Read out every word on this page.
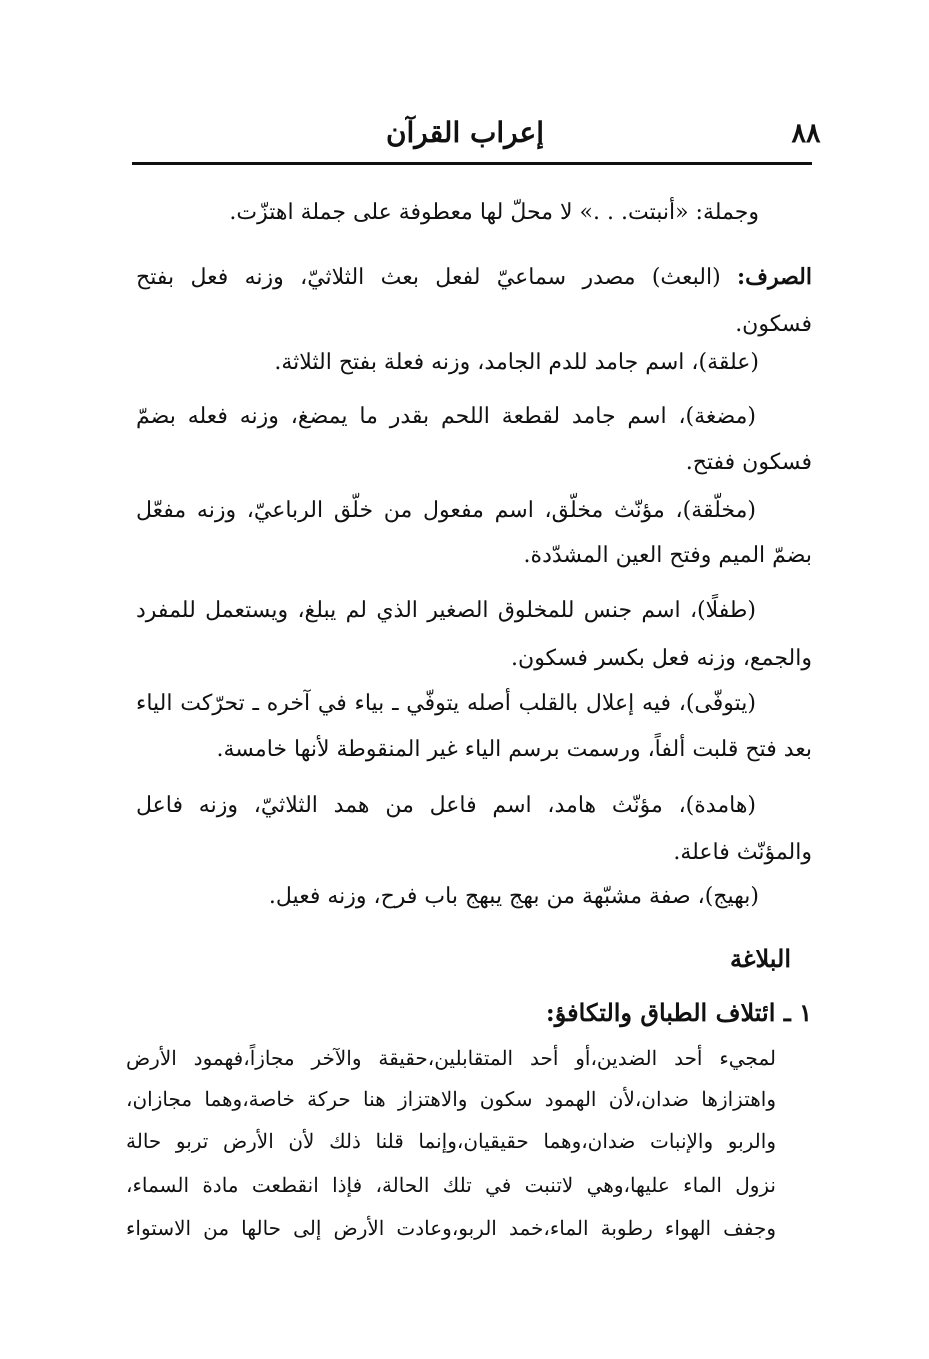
إعراب القرآن	٨٨
وجملة: «أنبتت. . .» لا محلّ لها معطوفة على جملة اهتزّت.
الصرف: (البعث) مصدر سماعيّ لفعل بعث الثلاثيّ، وزنه فعل بفتح
فسكون.
(علقة)، اسم جامد للدم الجامد، وزنه فعلة بفتح الثلاثة.
(مضغة)، اسم جامد لقطعة اللحم بقدر ما يمضغ، وزنه فعله بضمّ
فسكون ففتح.
(مخلّقة)، مؤنّث مخلّق، اسم مفعول من خلّق الرباعيّ، وزنه مفعّل
بضمّ الميم وفتح العين المشدّدة.
(طفلًا)، اسم جنس للمخلوق الصغير الذي لم يبلغ، ويستعمل للمفرد
والجمع، وزنه فعل بكسر فسكون.
(يتوفّى)، فيه إعلال بالقلب أصله يتوفّي ـ بياء في آخره ـ تحرّكت الياء
بعد فتح قلبت ألفاً، ورسمت برسم الياء غير المنقوطة لأنها خامسة.
(هامدة)، مؤنّث هامد، اسم فاعل من همد الثلاثيّ، وزنه فاعل
والمؤنّث فاعلة.
(بهيج)، صفة مشبّهة من بهج يبهج باب فرح، وزنه فعيل.
البلاغة
١ ـ ائتلاف الطباق والتكافؤ:
لمجيء أحد الضدين،أو أحد المتقابلين،حقيقة والآخر مجازاً،فهمود الأرض
واهتزازها ضدان،لأن الهمود سكون والاهتزاز هنا حركة خاصة،وهما مجازان،
والربو والإنبات ضدان،وهما حقيقيان،وإنما قلنا ذلك لأن الأرض تربو حالة
نزول الماء عليها،وهي لاتنبت في تلك الحالة، فإذا انقطعت مادة السماء،
وجفف الهواء رطوبة الماء،خمد الربو،وعادت الأرض إلى حالها من الاستواء
